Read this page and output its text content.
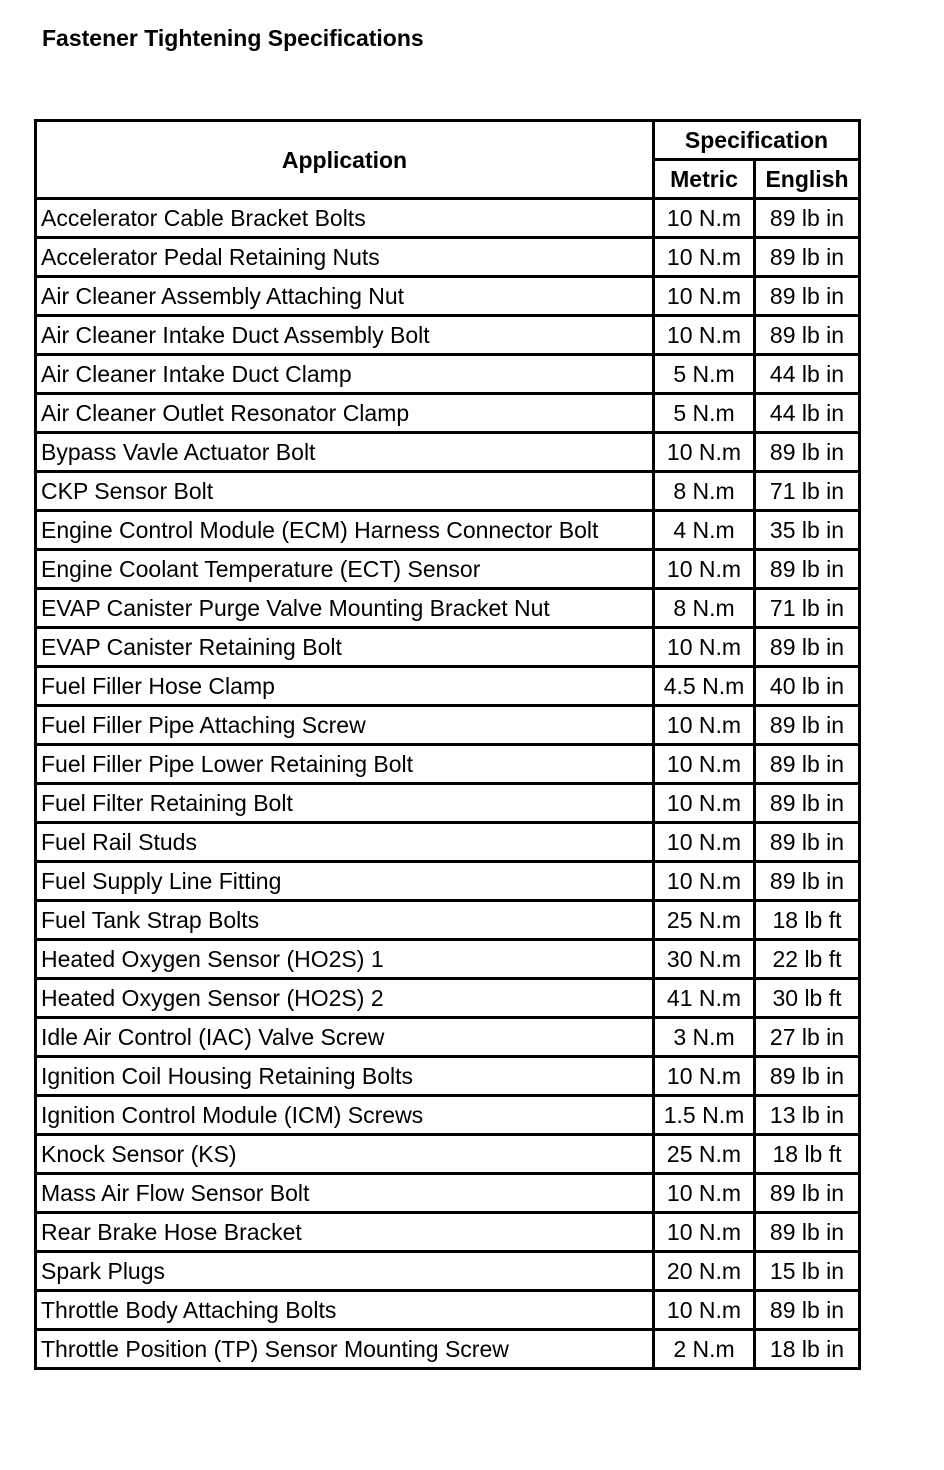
Fastener Tightening Specifications
Application	Specification	
	Metric	English
Accelerator Cable Bracket Bolts	10 N.m	89 lb in
Accelerator Pedal Retaining Nuts	10 N.m	89 lb in
Air Cleaner Assembly Attaching Nut	10 N.m	89 lb in
Air Cleaner Intake Duct Assembly Bolt	10 N.m	89 lb in
Air Cleaner Intake Duct Clamp	5 N.m	44 lb in
Air Cleaner Outlet Resonator Clamp	5 N.m	44 lb in
Bypass Vavle Actuator Bolt	10 N.m	89 lb in
CKP Sensor Bolt	8 N.m	71 lb in
Engine Control Module (ECM) Harness Connector Bolt	4 N.m	35 lb in
Engine Coolant Temperature (ECT) Sensor	10 N.m	89 lb in
EVAP Canister Purge Valve Mounting Bracket Nut	8 N.m	71 lb in
EVAP Canister Retaining Bolt	10 N.m	89 lb in
Fuel Filler Hose Clamp	4.5 N.m	40 lb in
Fuel Filler Pipe Attaching Screw	10 N.m	89 lb in
Fuel Filler Pipe Lower Retaining Bolt	10 N.m	89 lb in
Fuel Filter Retaining Bolt	10 N.m	89 lb in
Fuel Rail Studs	10 N.m	89 lb in
Fuel Supply Line Fitting	10 N.m	89 lb in
Fuel Tank Strap Bolts	25 N.m	18 lb ft
Heated Oxygen Sensor (HO2S) 1	30 N.m	22 lb ft
Heated Oxygen Sensor (HO2S) 2	41 N.m	30 lb ft
Idle Air Control (IAC) Valve Screw	3 N.m	27 lb in
Ignition Coil Housing Retaining Bolts	10 N.m	89 lb in
Ignition Control Module (ICM) Screws	1.5 N.m	13 lb in
Knock Sensor (KS)	25 N.m	18 lb ft
Mass Air Flow Sensor Bolt	10 N.m	89 lb in
Rear Brake Hose Bracket	10 N.m	89 lb in
Spark Plugs	20 N.m	15 lb in
Throttle Body Attaching Bolts	10 N.m	89 lb in
Throttle Position (TP) Sensor Mounting Screw	2 N.m	18 lb in
